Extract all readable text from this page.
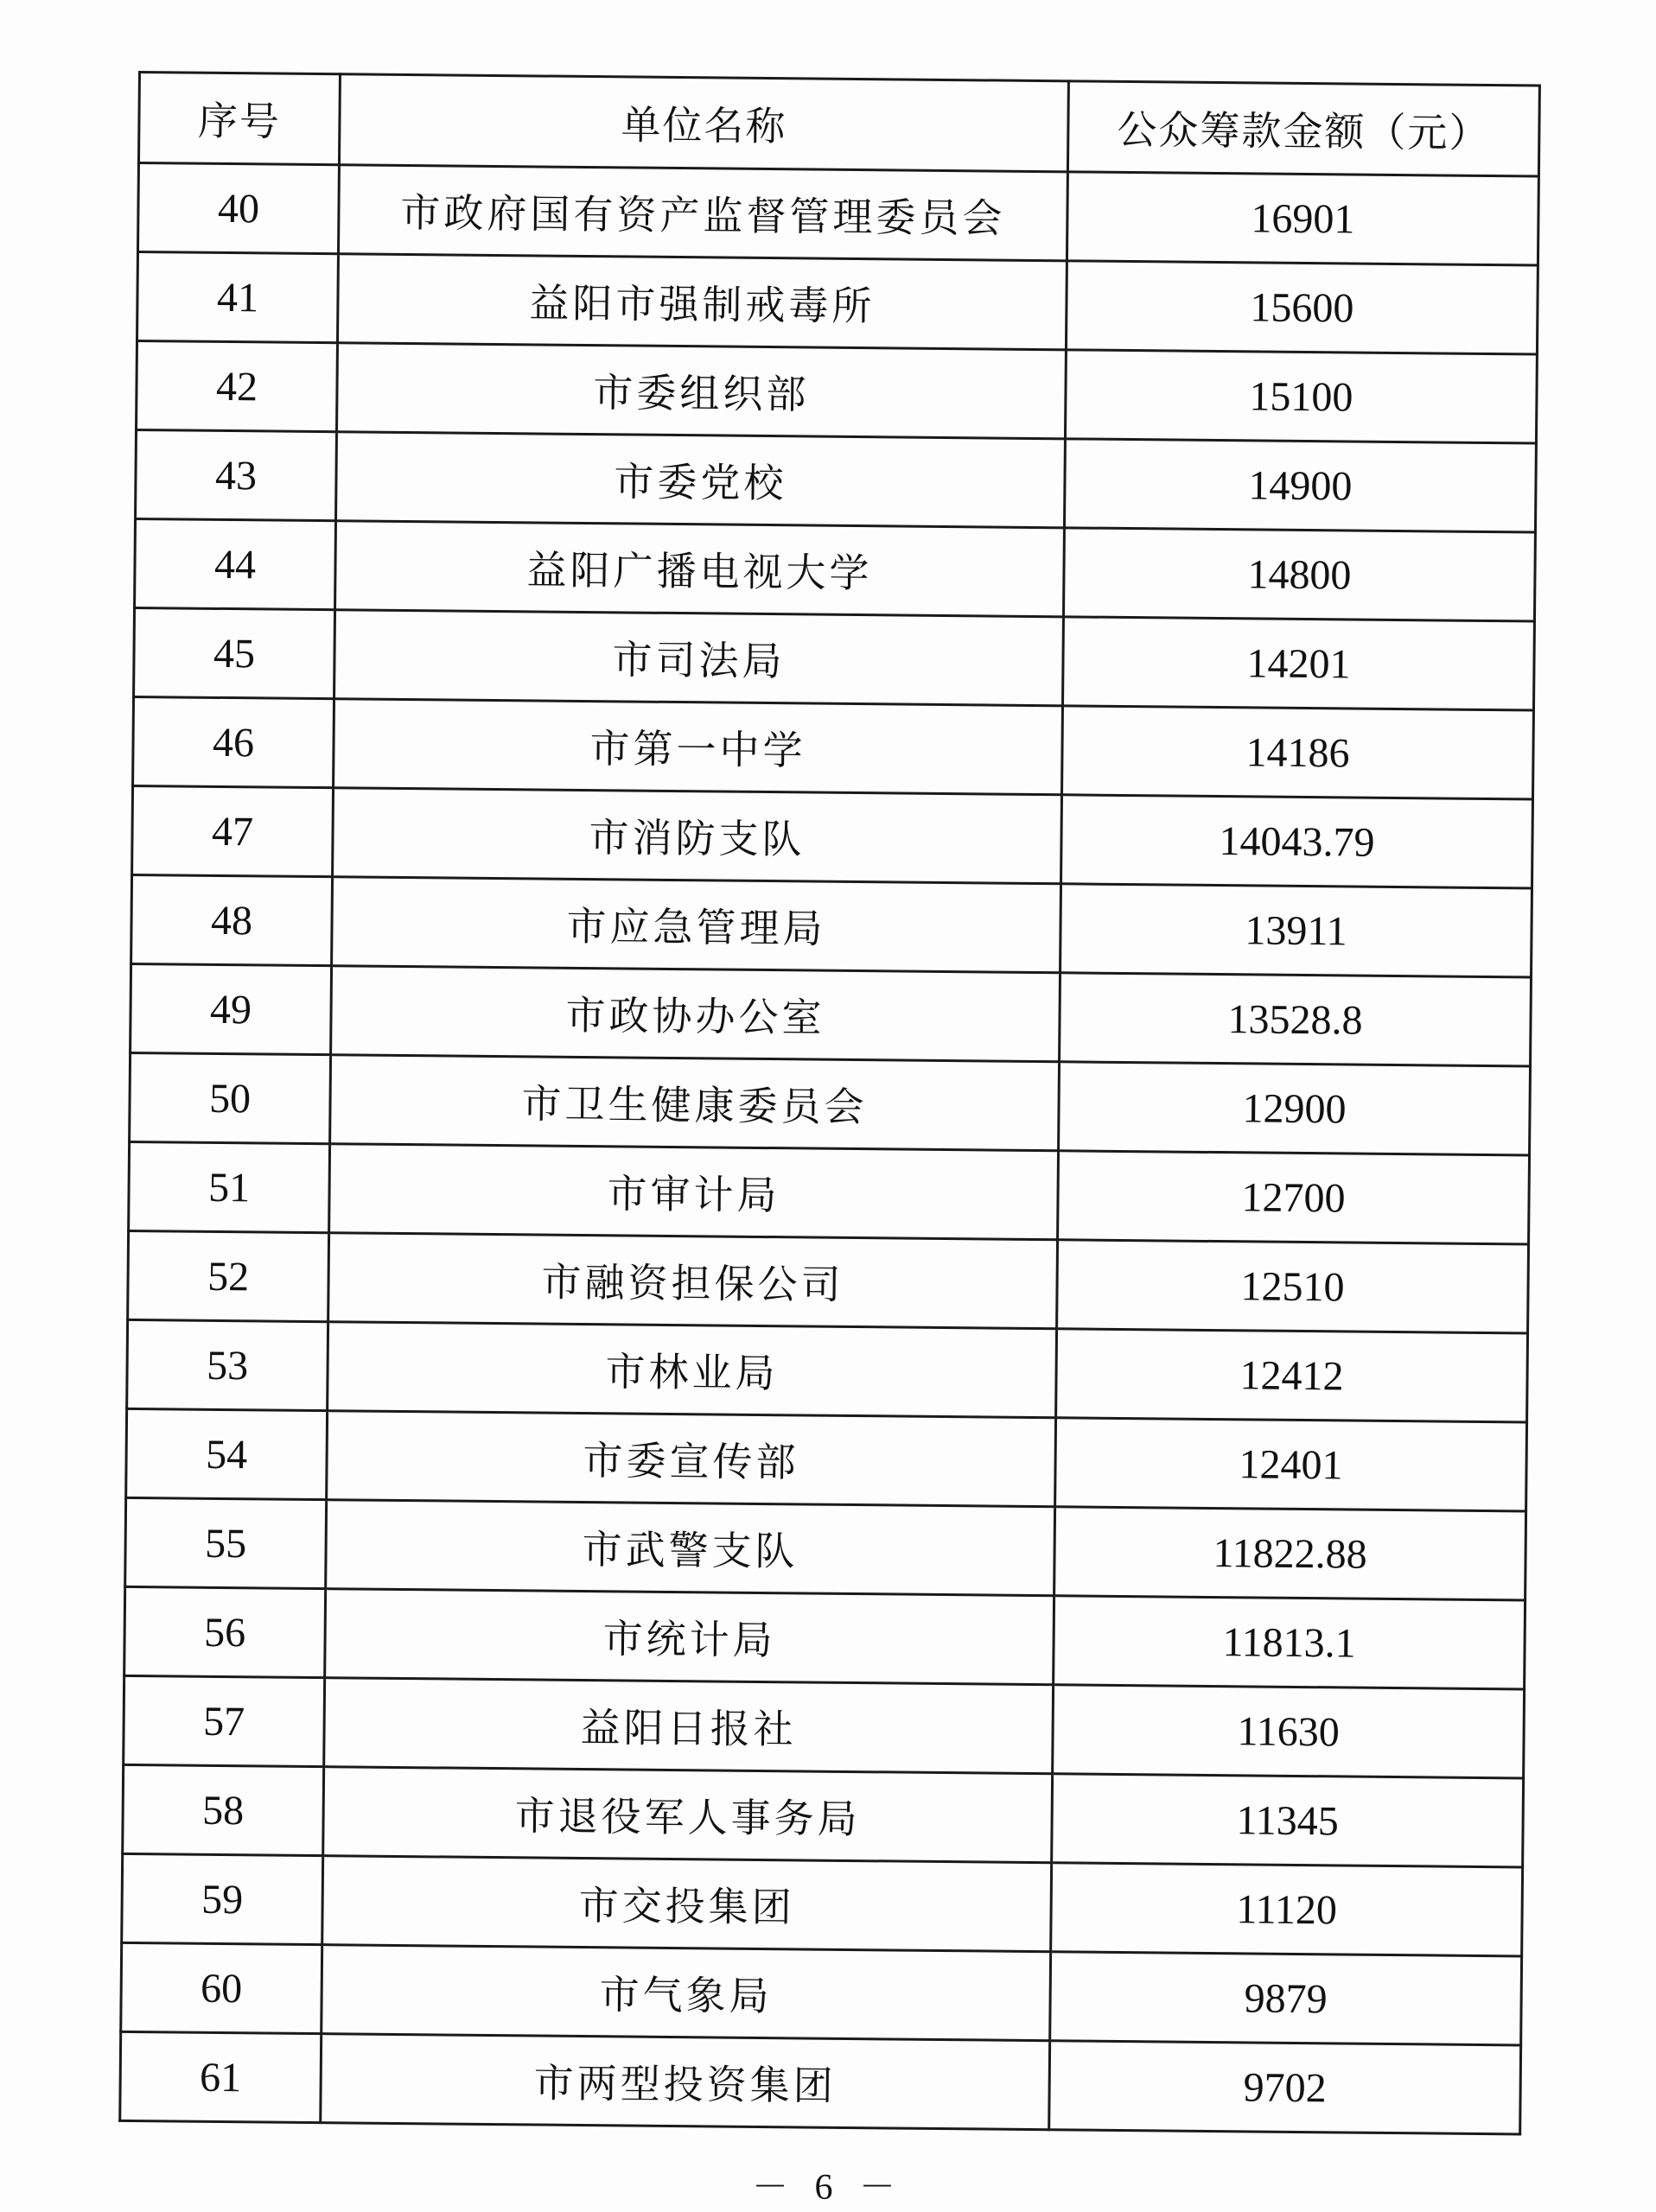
序号	单位名称	公众筹款金额（元）
40	市政府国有资产监督管理委员会	16901
41	益阳市强制戒毒所	15600
42	市委组织部	15100
43	市委党校	14900
44	益阳广播电视大学	14800
45	市司法局	14201
46	市第一中学	14186
47	市消防支队	14043.79
48	市应急管理局	13911
49	市政协办公室	13528.8
50	市卫生健康委员会	12900
51	市审计局	12700
52	市融资担保公司	12510
53	市林业局	12412
54	市委宣传部	12401
55	市武警支队	11822.88
56	市统计局	11813.1
57	益阳日报社	11630
58	市退役军人事务局	11345
59	市交投集团	11120
60	市气象局	9879
61	市两型投资集团	9702
－ 6 －
